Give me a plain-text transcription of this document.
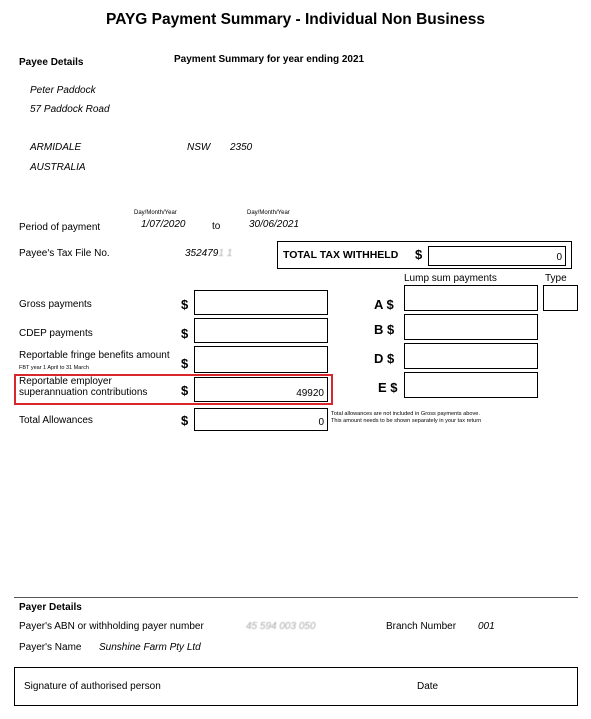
PAYG Payment Summary - Individual Non Business
Payee Details	Payment Summary for year ending 2021
Peter Paddock
57 Paddock Road
ARMIDALE	NSW 2350
AUSTRALIA
Day/Month/Year	Day/Month/Year
Period of payment	1/07/2020	to	30/06/2021
Payee's Tax File No.	3524791 1	TOTAL TAX WITHHELD $	0
Lump sum payments	Type
Gross payments	$	A $
CDEP payments	$	B $
Reportable fringe benefits amount
FBT year 1 April to 31 March	$	D $
Reportable employer
superannuation contributions	$	49920	E $
Total Allowances	$	0
Total allowances are not included in Gross payments above.
This amount needs to be shown separately in your tax return
Payer Details
Payer's ABN or withholding payer number	45 594 003 050	Branch Number 001
Payer's Name Sunshine Farm Pty Ltd
Signature of authorised person	Date
